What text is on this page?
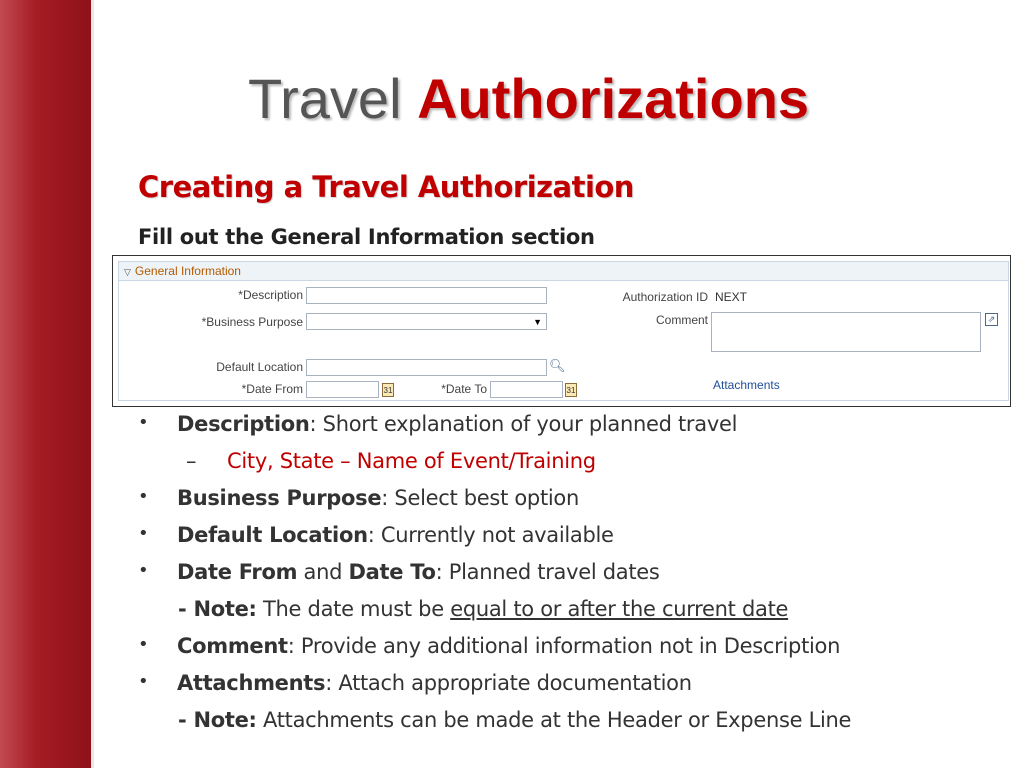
Travel Authorizations
Creating a Travel Authorization
Fill out the General Information section
▽ General Information
*Description
*Business Purpose	▼
Default Location	🔍︎
*Date From	31	*Date To	31
Authorization ID NEXT
Comment	⇗
Attachments
• Description: Short explanation of your planned travel
– City, State – Name of Event/Training
• Business Purpose: Select best option
• Default Location: Currently not available
• Date From and Date To: Planned travel dates
- Note: The date must be equal to or after the current date
• Comment: Provide any additional information not in Description
• Attachments: Attach appropriate documentation
- Note: Attachments can be made at the Header or Expense Line
